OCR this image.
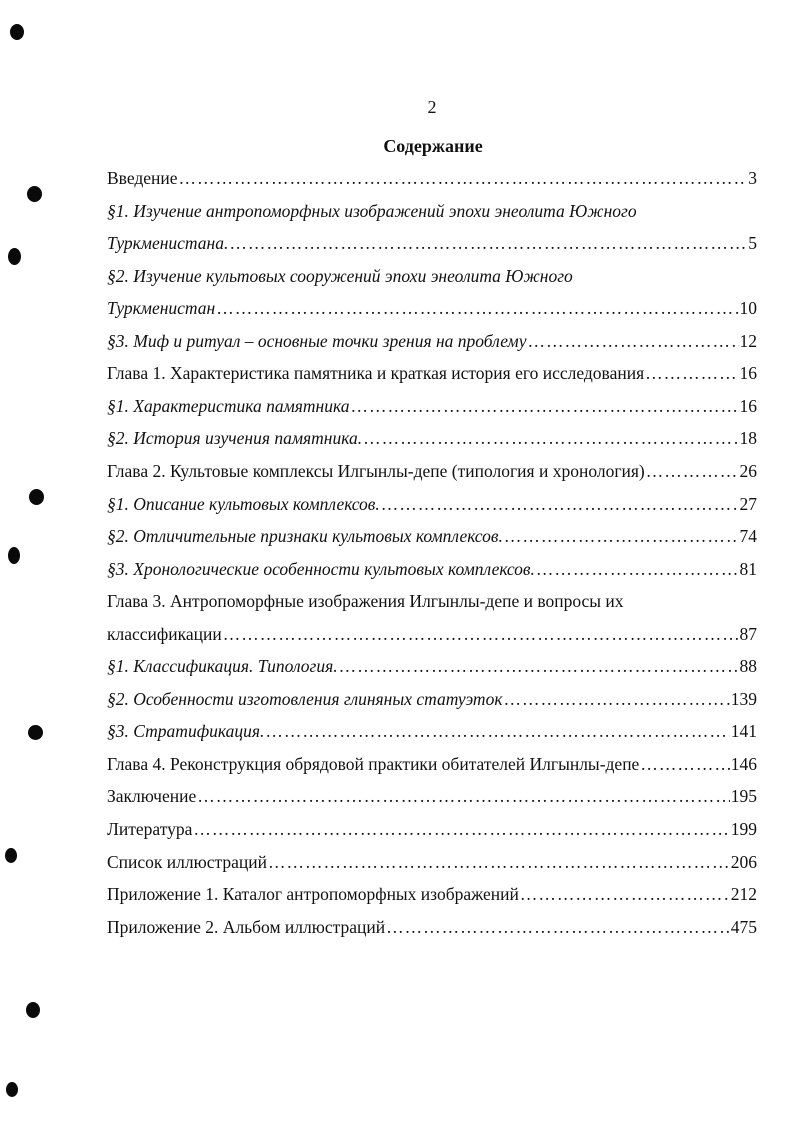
2
Содержание
Введение …………………………………………………………………………………………………………………………………………………………………………………………………	3
§1. Изучение антропоморфных изображений эпохи энеолита Южного
Туркменистана. …………………………………………………………………………………………………………………………………………………………………………………………………	5
§2. Изучение культовых сооружений эпохи энеолита Южного
Туркменистан …………………………………………………………………………………………………………………………………………………………………………………………………	10
§3. Миф и ритуал – основные точки зрения на проблему …………………………………………………………………………………………………………………………………………………………………………………………………	12
Глава 1. Характеристика памятника и краткая история его исследования …………………………………………………………………………………………………………………………………………………………………………………………………	16
§1. Характеристика памятника …………………………………………………………………………………………………………………………………………………………………………………………………	16
§2. История изучения памятника. …………………………………………………………………………………………………………………………………………………………………………………………………	18
Глава 2. Культовые комплексы Илгынлы-депе (типология и хронология) …………………………………………………………………………………………………………………………………………………………………………………………………	26
§1. Описание культовых комплексов. …………………………………………………………………………………………………………………………………………………………………………………………………	27
§2. Отличительные признаки культовых комплексов. …………………………………………………………………………………………………………………………………………………………………………………………………	74
§3. Хронологические особенности культовых комплексов. …………………………………………………………………………………………………………………………………………………………………………………………………	81
Глава 3. Антропоморфные изображения Илгынлы-депе и вопросы их
классификации …………………………………………………………………………………………………………………………………………………………………………………………………	87
§1. Классификация. Типология. …………………………………………………………………………………………………………………………………………………………………………………………………	88
§2. Особенности изготовления глиняных статуэток …………………………………………………………………………………………………………………………………………………………………………………………………	139
§3. Стратификация. …………………………………………………………………………………………………………………………………………………………………………………………………	141
Глава 4. Реконструкция обрядовой практики обитателей Илгынлы-депе …………………………………………………………………………………………………………………………………………………………………………………………………	146
Заключение …………………………………………………………………………………………………………………………………………………………………………………………………	195
Литература …………………………………………………………………………………………………………………………………………………………………………………………………	199
Список иллюстраций …………………………………………………………………………………………………………………………………………………………………………………………………	206
Приложение 1. Каталог антропоморфных изображений …………………………………………………………………………………………………………………………………………………………………………………………………	212
Приложение 2. Альбом иллюстраций …………………………………………………………………………………………………………………………………………………………………………………………………	475
